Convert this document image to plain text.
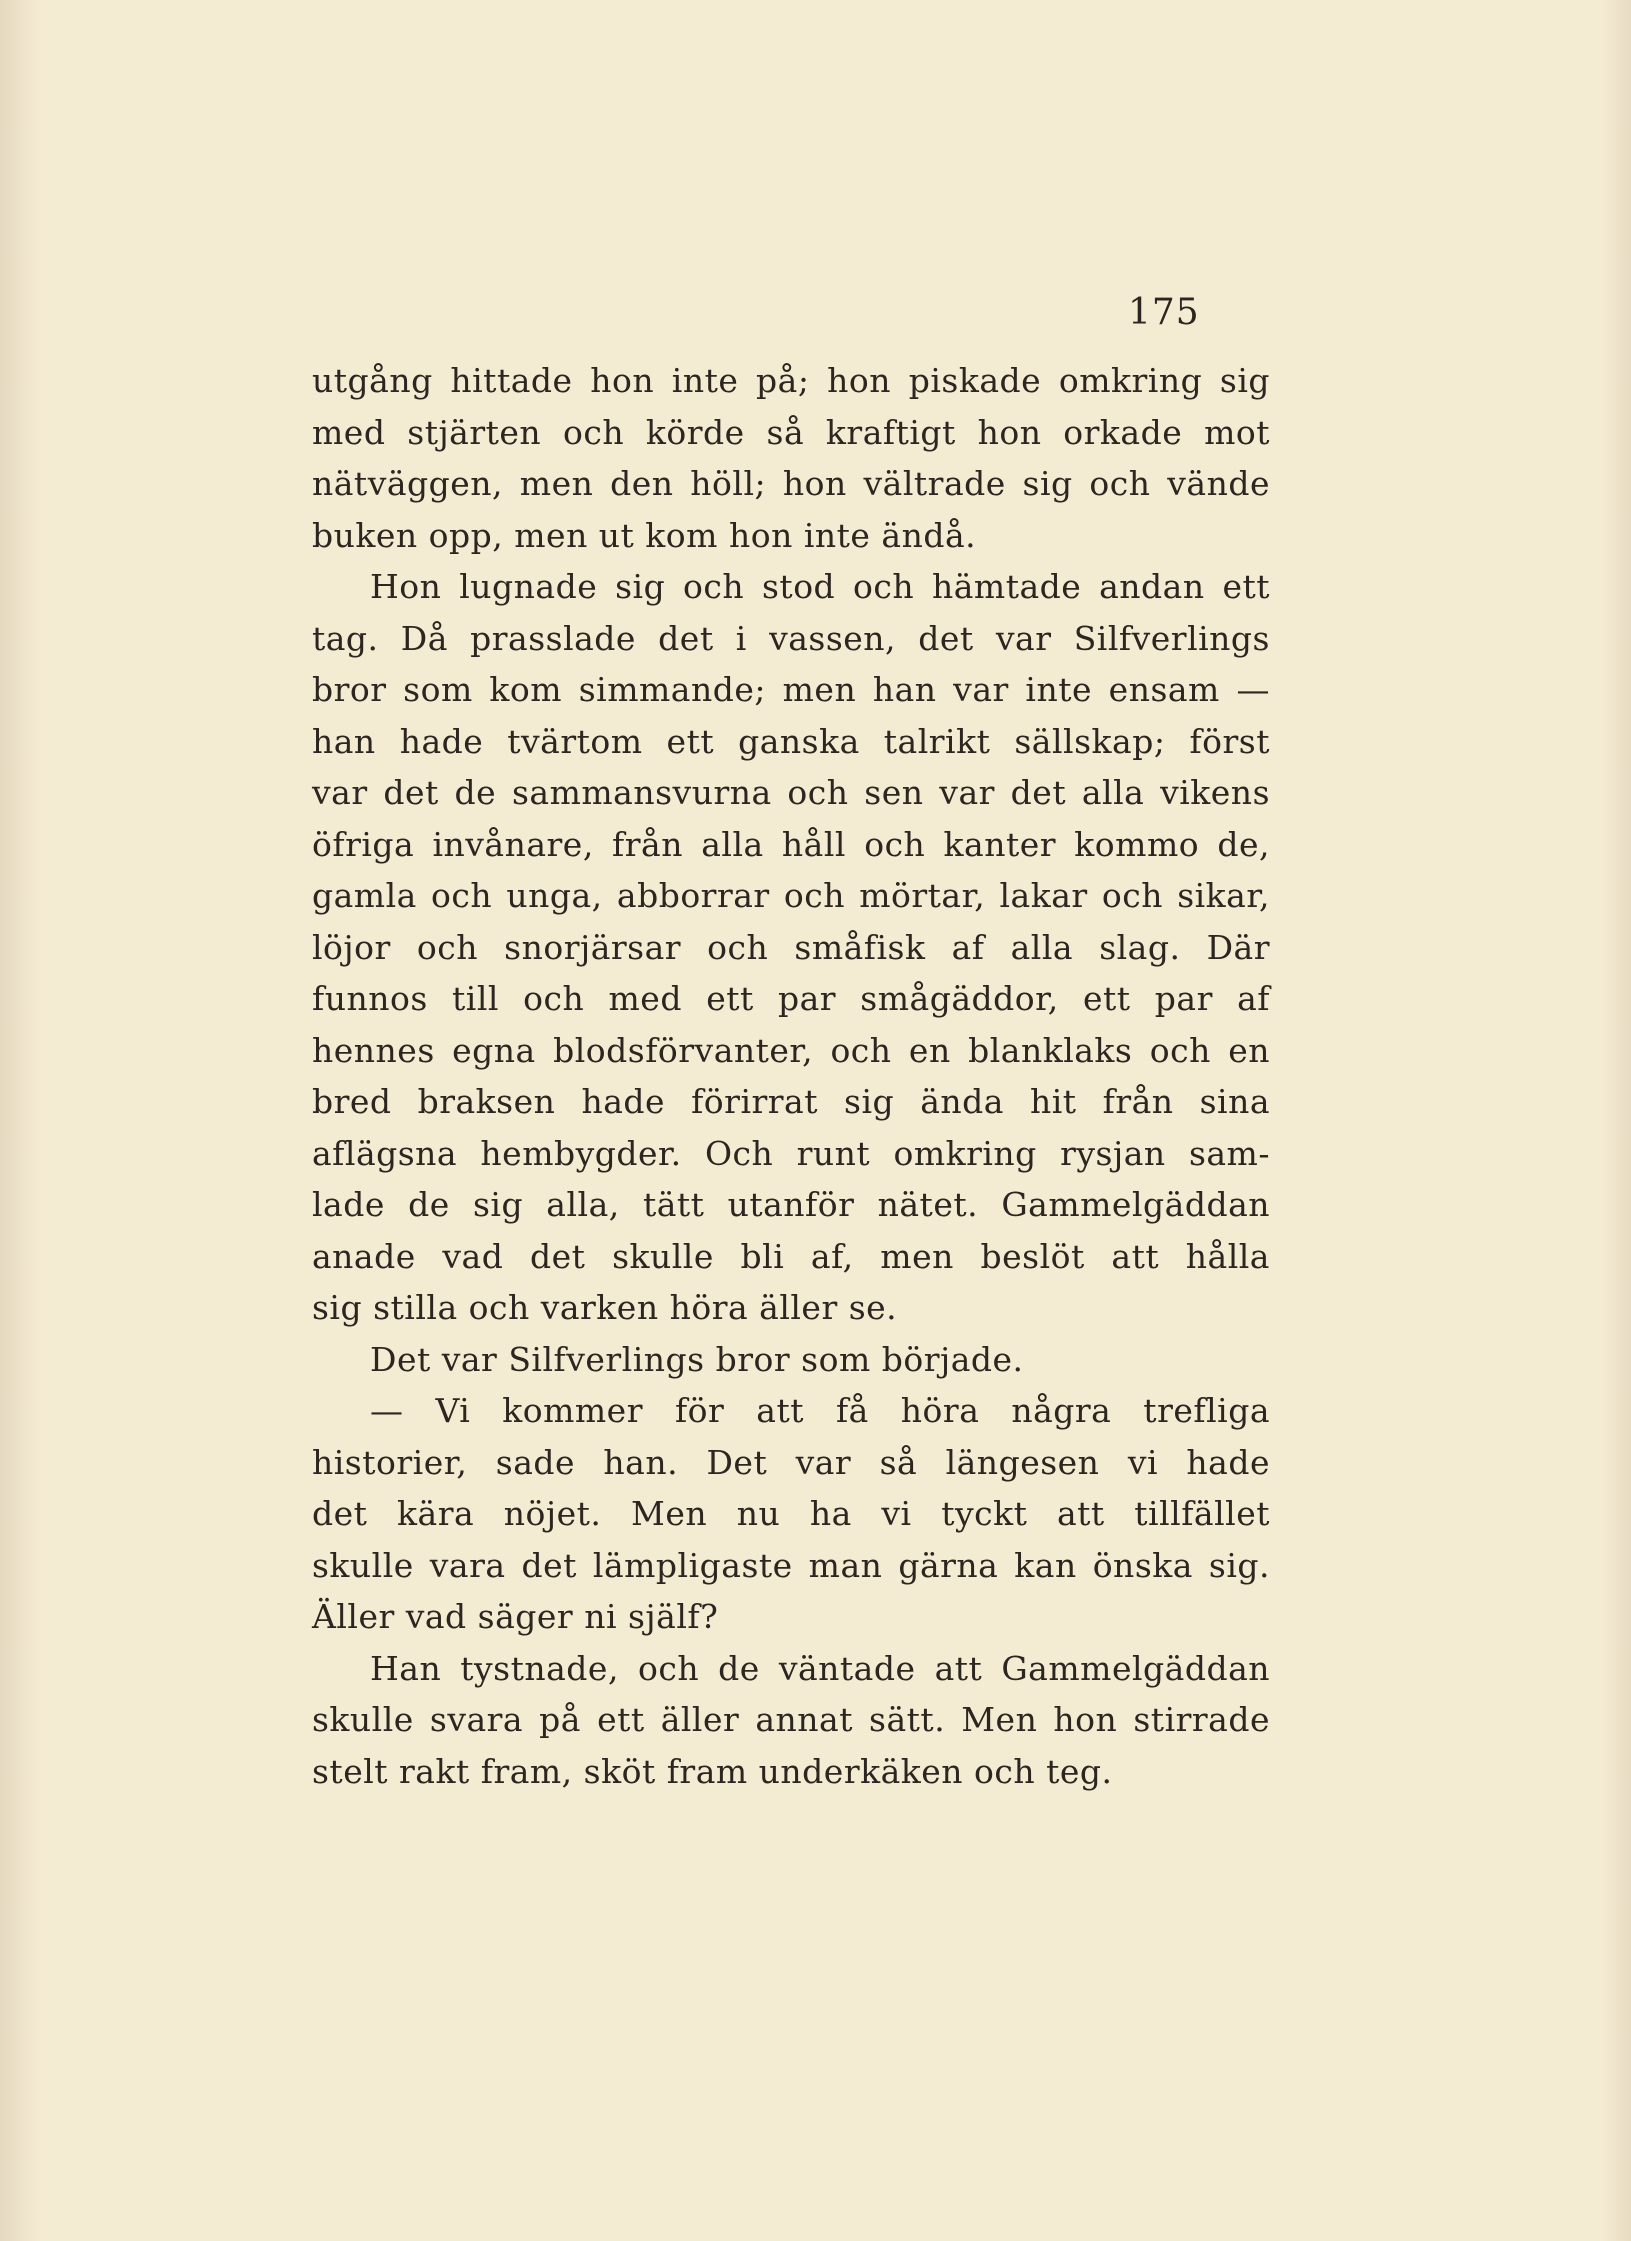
175
utgång hittade hon inte på; hon piskade omkring sig
med stjärten och körde så kraftigt hon orkade mot
nätväggen, men den höll; hon vältrade sig och vände
buken opp, men ut kom hon inte ändå.
Hon lugnade sig och stod och hämtade andan ett
tag. Då prasslade det i vassen, det var Silfverlings
bror som kom simmande; men han var inte ensam —
han hade tvärtom ett ganska talrikt sällskap; först
var det de sammansvurna och sen var det alla vikens
öfriga invånare, från alla håll och kanter kommo de,
gamla och unga, abborrar och mörtar, lakar och sikar,
löjor och snorjärsar och småfisk af alla slag. Där
funnos till och med ett par smågäddor, ett par af
hennes egna blodsförvanter, och en blanklaks och en
bred braksen hade förirrat sig ända hit från sina
aflägsna hembygder. Och runt omkring rysjan sam-
lade de sig alla, tätt utanför nätet. Gammelgäddan
anade vad det skulle bli af, men beslöt att hålla
sig stilla och varken höra äller se.
Det var Silfverlings bror som började.
— Vi kommer för att få höra några trefliga
historier, sade han. Det var så längesen vi hade
det kära nöjet. Men nu ha vi tyckt att tillfället
skulle vara det lämpligaste man gärna kan önska sig.
Äller vad säger ni själf?
Han tystnade, och de väntade att Gammelgäddan
skulle svara på ett äller annat sätt. Men hon stirrade
stelt rakt fram, sköt fram underkäken och teg.
